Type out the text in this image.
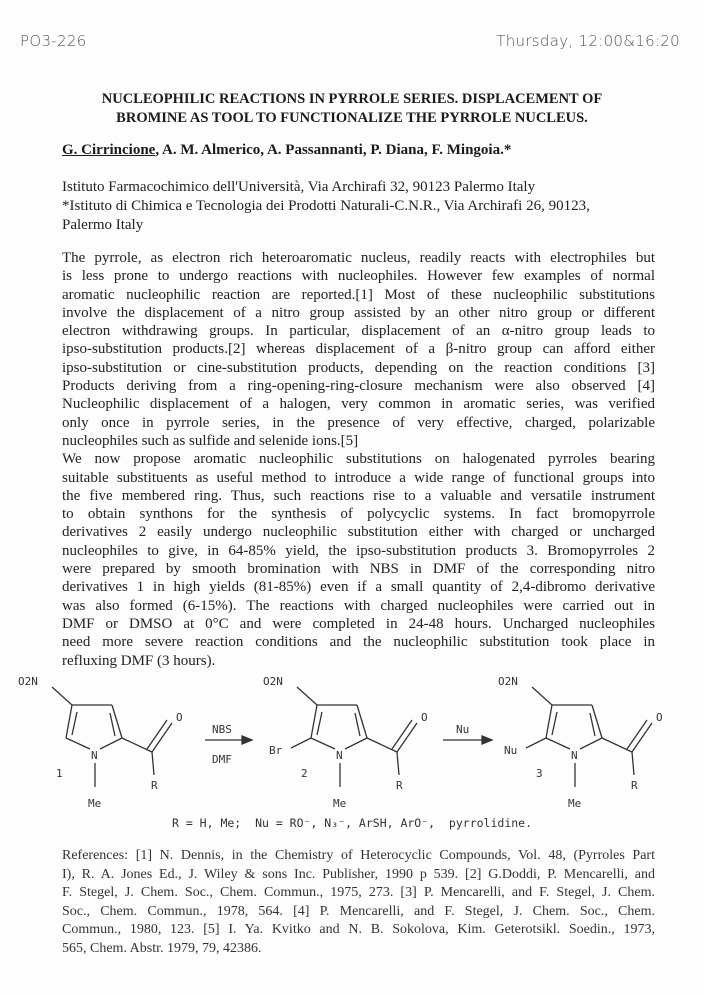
PO3-226	Thursday, 12:00&16:20
NUCLEOPHILIC REACTIONS IN PYRROLE SERIES. DISPLACEMENT OF
BROMINE AS TOOL TO FUNCTIONALIZE THE PYRROLE NUCLEUS.
G. Cirrincione, A. M. Almerico, A. Passannanti, P. Diana, F. Mingoia.*
Istituto Farmacochimico dell'Università, Via Archirafi 32, 90123 Palermo Italy
*Istituto di Chimica e Tecnologia dei Prodotti Naturali-C.N.R., Via Archirafi 26, 90123,
Palermo Italy
The pyrrole, as electron rich heteroaromatic nucleus, readily reacts with electrophiles but
is less prone to undergo reactions with nucleophiles. However few examples of normal
aromatic nucleophilic reaction are reported.[1] Most of these nucleophilic substitutions
involve the displacement of a nitro group assisted by an other nitro group or different
electron withdrawing groups. In particular, displacement of an α-nitro group leads to
ipso-substitution products.[2] whereas displacement of a β-nitro group can afford either
ipso-substitution or cine-substitution products, depending on the reaction conditions [3]
Products deriving from a ring-opening-ring-closure mechanism were also observed [4]
Nucleophilic displacement of a halogen, very common in aromatic series, was verified
only once in pyrrole series, in the presence of very effective, charged, polarizable
nucleophiles such as sulfide and selenide ions.[5]
We now propose aromatic nucleophilic substitutions on halogenated pyrroles bearing
suitable substituents as useful method to introduce a wide range of functional groups into
the five membered ring. Thus, such reactions rise to a valuable and versatile instrument
to obtain synthons for the synthesis of polycyclic systems. In fact bromopyrrole
derivatives 2 easily undergo nucleophilic substitution either with charged or uncharged
nucleophiles to give, in 64-85% yield, the ipso-substitution products 3. Bromopyrroles 2
were prepared by smooth bromination with NBS in DMF of the corresponding nitro
derivatives 1 in high yields (81-85%) even if a small quantity of 2,4-dibromo derivative
was also formed (6-15%). The reactions with charged nucleophiles were carried out in
DMF or DMSO at 0°C and were completed in 24-48 hours. Uncharged nucleophiles
need more severe reaction conditions and the nucleophilic substitution took place in
refluxing DMF (3 hours).
O2N
O
N
R
Me
1
O2N
O
N
R
Me
2
Br
O2N
O
N
R
Me
3
Nu
NBS
DMF
Nu
R = H, Me;  Nu = RO⁻, N₃⁻, ArSH, ArO⁻,  pyrrolidine.
References: [1] N. Dennis, in the Chemistry of Heterocyclic Compounds, Vol. 48, (Pyrroles Part
I), R. A. Jones Ed., J. Wiley & sons Inc. Publisher, 1990 p 539. [2] G.Doddi, P. Mencarelli, and
F. Stegel, J. Chem. Soc., Chem. Commun., 1975, 273. [3] P. Mencarelli, and F. Stegel, J. Chem.
Soc., Chem. Commun., 1978, 564. [4] P. Mencarelli, and F. Stegel, J. Chem. Soc., Chem.
Commun., 1980, 123. [5] I. Ya. Kvitko and N. B. Sokolova, Kim. Geterotsikl. Soedin., 1973,
565, Chem. Abstr. 1979, 79, 42386.
